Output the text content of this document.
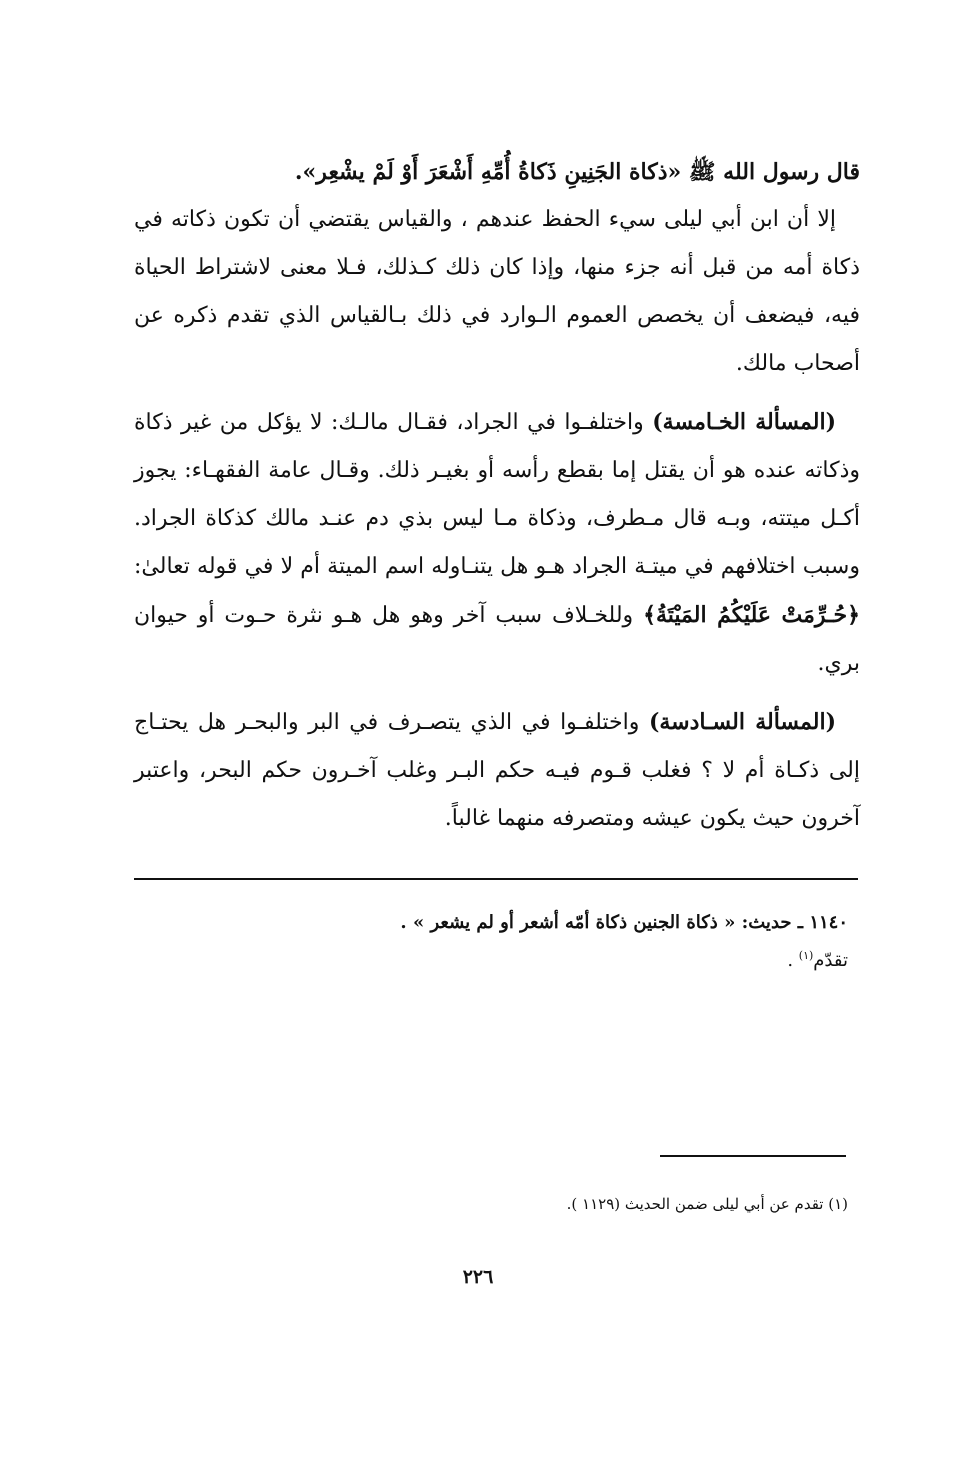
قال رسول الله ﷺ «ذكاة الجَنِينِ ذَكاةُ أُمِّهِ أَشْعَرَ أَوْ لَمْ يشْعِر».

إلا أن ابن أبي ليلى سيء الحفظ عندهم ، والقياس يقتضي أن تكون ذكاته في ذكاة أمه من قبل أنه جزء منها، وإذا كان ذلك كـذلك، فـلا معنى لاشتراط الحياة فيه، فيضعف أن يخصص العموم الـوارد في ذلك بـالقياس الذي تقدم ذكره عن أصحاب مالك.

(المسألة الخـامسة) واختلفـوا في الجراد، فقـال مالـك: لا يؤكل من غير ذكاة وذكاته عنده هو أن يقتل إما بقطع رأسه أو بغيـر ذلك. وقـال عامة الفقهـاء: يجوز أكـل ميتته، وبـه قال مـطرف، وذكاة مـا ليس بذي دم عنـد مالك كذكاة الجراد. وسبب اختلافهم في ميتـة الجراد هـو هل يتنـاوله اسم الميتة أم لا في قوله تعالىٰ: ﴿حُـرِّمَتْ عَلَيْكُمُ المَيْتَةُ﴾ وللخـلاف سبب آخر وهو هل هـو نثرة حـوت أو حيوان بري.

(المسألة السـادسة) واختلفـوا في الذي يتصـرف في البر والبحـر هل يحتـاج إلى ذكـاة أم لا ؟ فغلب قـوم فيـه حكم البـر وغلب آخـرون حكم البحر، واعتبر آخرون حيث يكون عيشه ومتصرفه منهما غالباً.

١١٤٠ ـ حديث: « ذكاة الجنين ذكاة أمّه أشعر أو لم يشعر » .
تقدّم$^{(١)}$ .
(١) تقدم عن أبي ليلى ضمن الحديث (١١٢٩ ).
٢٢٦
